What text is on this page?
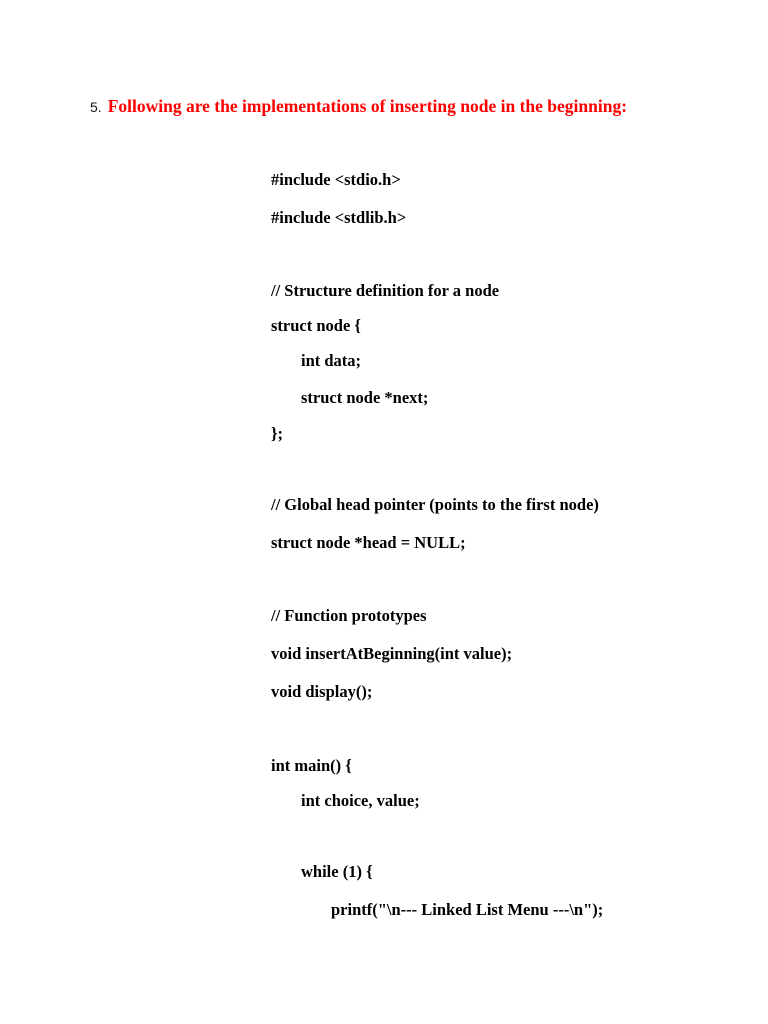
5. Following are the implementations of inserting node in the beginning:
#include <stdio.h>
#include <stdlib.h>
// Structure definition for a node
struct node {
int data;
struct node *next;
};
// Global head pointer (points to the first node)
struct node *head = NULL;
// Function prototypes
void insertAtBeginning(int value);
void display();
int main() {
int choice, value;
while (1) {
printf("\n--- Linked List Menu ---\n");
